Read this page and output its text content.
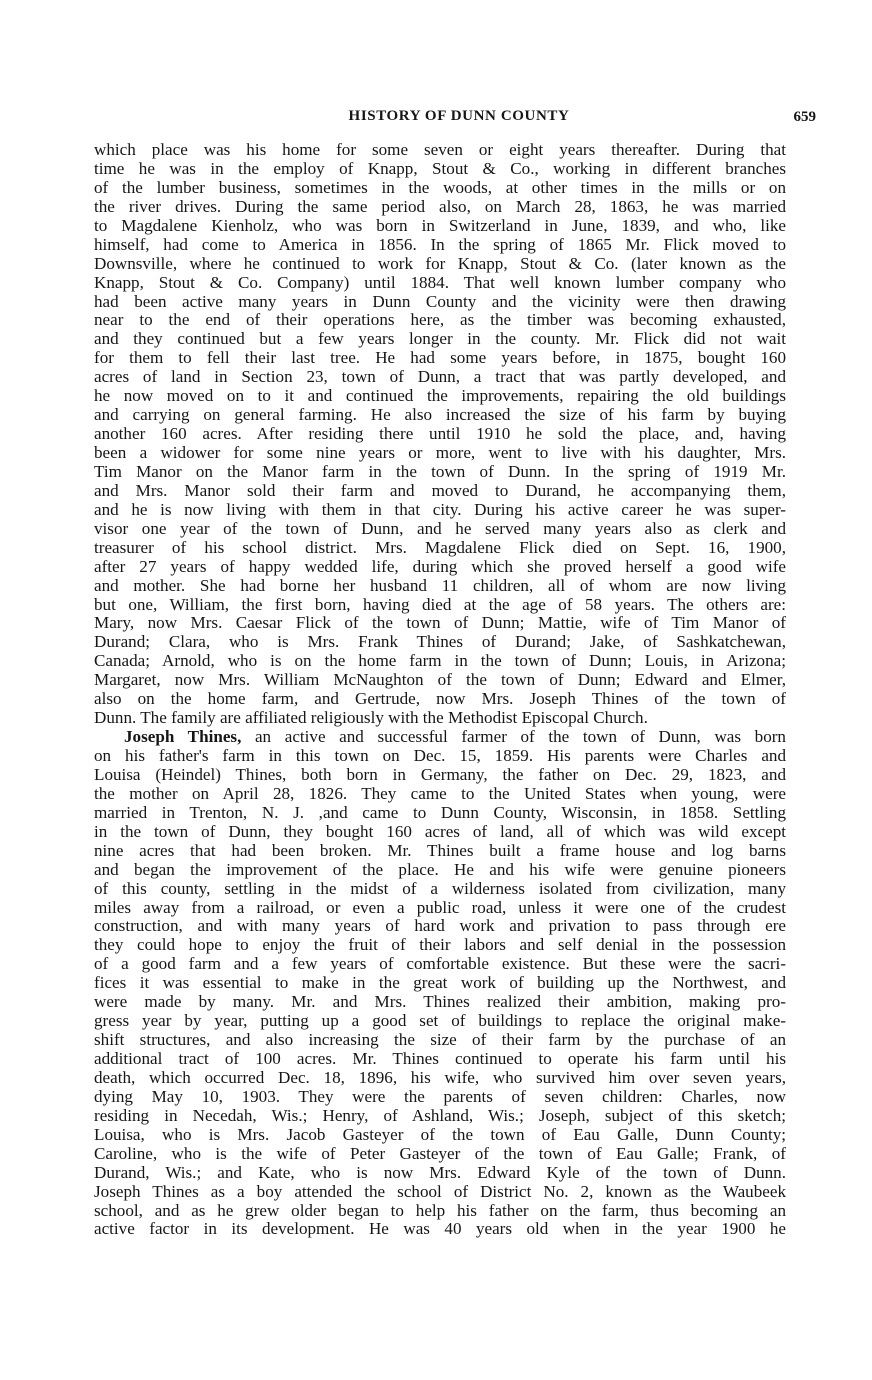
HISTORY OF DUNN COUNTY	659
which place was his home for some seven or eight years thereafter. During that
time he was in the employ of Knapp, Stout & Co., working in different branches
of the lumber business, sometimes in the woods, at other times in the mills or on
the river drives. During the same period also, on March 28, 1863, he was married
to Magdalene Kienholz, who was born in Switzerland in June, 1839, and who, like
himself, had come to America in 1856. In the spring of 1865 Mr. Flick moved to
Downsville, where he continued to work for Knapp, Stout & Co. (later known as the
Knapp, Stout & Co. Company) until 1884. That well known lumber company who
had been active many years in Dunn County and the vicinity were then drawing
near to the end of their operations here, as the timber was becoming exhausted,
and they continued but a few years longer in the county. Mr. Flick did not wait
for them to fell their last tree. He had some years before, in 1875, bought 160
acres of land in Section 23, town of Dunn, a tract that was partly developed, and
he now moved on to it and continued the improvements, repairing the old buildings
and carrying on general farming. He also increased the size of his farm by buying
another 160 acres. After residing there until 1910 he sold the place, and, having
been a widower for some nine years or more, went to live with his daughter, Mrs.
Tim Manor on the Manor farm in the town of Dunn. In the spring of 1919 Mr.
and Mrs. Manor sold their farm and moved to Durand, he accompanying them,
and he is now living with them in that city. During his active career he was super-
visor one year of the town of Dunn, and he served many years also as clerk and
treasurer of his school district. Mrs. Magdalene Flick died on Sept. 16, 1900,
after 27 years of happy wedded life, during which she proved herself a good wife
and mother. She had borne her husband 11 children, all of whom are now living
but one, William, the first born, having died at the age of 58 years. The others are:
Mary, now Mrs. Caesar Flick of the town of Dunn; Mattie, wife of Tim Manor of
Durand; Clara, who is Mrs. Frank Thines of Durand; Jake, of Sashkatchewan,
Canada; Arnold, who is on the home farm in the town of Dunn; Louis, in Arizona;
Margaret, now Mrs. William McNaughton of the town of Dunn; Edward and Elmer,
also on the home farm, and Gertrude, now Mrs. Joseph Thines of the town of
Dunn. The family are affiliated religiously with the Methodist Episcopal Church.
Joseph Thines, an active and successful farmer of the town of Dunn, was born
on his father's farm in this town on Dec. 15, 1859. His parents were Charles and
Louisa (Heindel) Thines, both born in Germany, the father on Dec. 29, 1823, and
the mother on April 28, 1826. They came to the United States when young, were
married in Trenton, N. J. ,and came to Dunn County, Wisconsin, in 1858. Settling
in the town of Dunn, they bought 160 acres of land, all of which was wild except
nine acres that had been broken. Mr. Thines built a frame house and log barns
and began the improvement of the place. He and his wife were genuine pioneers
of this county, settling in the midst of a wilderness isolated from civilization, many
miles away from a railroad, or even a public road, unless it were one of the crudest
construction, and with many years of hard work and privation to pass through ere
they could hope to enjoy the fruit of their labors and self denial in the possession
of a good farm and a few years of comfortable existence. But these were the sacri-
fices it was essential to make in the great work of building up the Northwest, and
were made by many. Mr. and Mrs. Thines realized their ambition, making pro-
gress year by year, putting up a good set of buildings to replace the original make-
shift structures, and also increasing the size of their farm by the purchase of an
additional tract of 100 acres. Mr. Thines continued to operate his farm until his
death, which occurred Dec. 18, 1896, his wife, who survived him over seven years,
dying May 10, 1903. They were the parents of seven children: Charles, now
residing in Necedah, Wis.; Henry, of Ashland, Wis.; Joseph, subject of this sketch;
Louisa, who is Mrs. Jacob Gasteyer of the town of Eau Galle, Dunn County;
Caroline, who is the wife of Peter Gasteyer of the town of Eau Galle; Frank, of
Durand, Wis.; and Kate, who is now Mrs. Edward Kyle of the town of Dunn.
Joseph Thines as a boy attended the school of District No. 2, known as the Waubeek
school, and as he grew older began to help his father on the farm, thus becoming an
active factor in its development. He was 40 years old when in the year 1900 he
